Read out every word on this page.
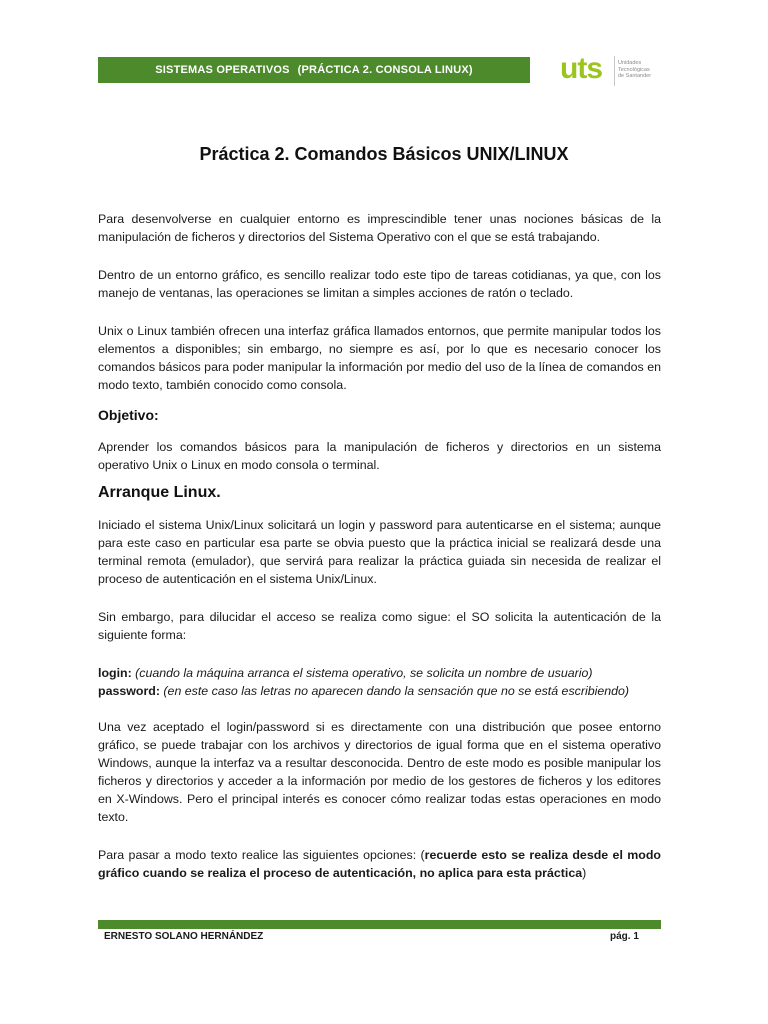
SISTEMAS OPERATIVOS (PRÁCTICA 2. CONSOLA LINUX)	uts	Unidades
Tecnológicas
de Santander
Práctica 2. Comandos Básicos UNIX/LINUX

Para desenvolverse en cualquier entorno es imprescindible tener unas nociones básicas de la manipulación de ficheros y directorios del Sistema Operativo con el que se está trabajando.

Dentro de un entorno gráfico, es sencillo realizar todo este tipo de tareas cotidianas, ya que, con los manejo de ventanas, las operaciones se limitan a simples acciones de ratón o teclado.

Unix o Linux también ofrecen una interfaz gráfica llamados entornos, que permite manipular todos los elementos a disponibles; sin embargo, no siempre es así, por lo que es necesario conocer los comandos básicos para poder manipular la información por medio del uso de la línea de comandos en modo texto, también conocido como consola.

Objetivo:

Aprender los comandos básicos para la manipulación de ficheros y directorios en un sistema operativo Unix o Linux en modo consola o terminal.

Arranque Linux.

Iniciado el sistema Unix/Linux solicitará un login y password para autenticarse en el sistema; aunque para este caso en particular esa parte se obvia puesto que la práctica inicial se realizará desde una terminal remota (emulador), que servirá para realizar la práctica guiada sin necesida de realizar el proceso de autenticación en el sistema Unix/Linux.

Sin embargo, para dilucidar el acceso se realiza como sigue: el SO solicita la autenticación de la siguiente forma:

login: (cuando la máquina arranca el sistema operativo, se solicita un nombre de usuario)

password: (en este caso las letras no aparecen dando la sensación que no se está escribiendo)

Una vez aceptado el login/password si es directamente con una distribución que posee entorno gráfico, se puede trabajar con los archivos y directorios de igual forma que en el sistema operativo Windows, aunque la interfaz va a resultar desconocida. Dentro de este modo es posible manipular los ficheros y directorios y acceder a la información por medio de los gestores de ficheros y los editores en X-Windows. Pero el principal interés es conocer cómo realizar todas estas operaciones en modo texto.

Para pasar a modo texto realice las siguientes opciones: (recuerde esto se realiza desde el modo gráfico cuando se realiza el proceso de autenticación, no aplica para esta práctica)

ERNESTO SOLANO HERNÁNDEZ	pág. 1
